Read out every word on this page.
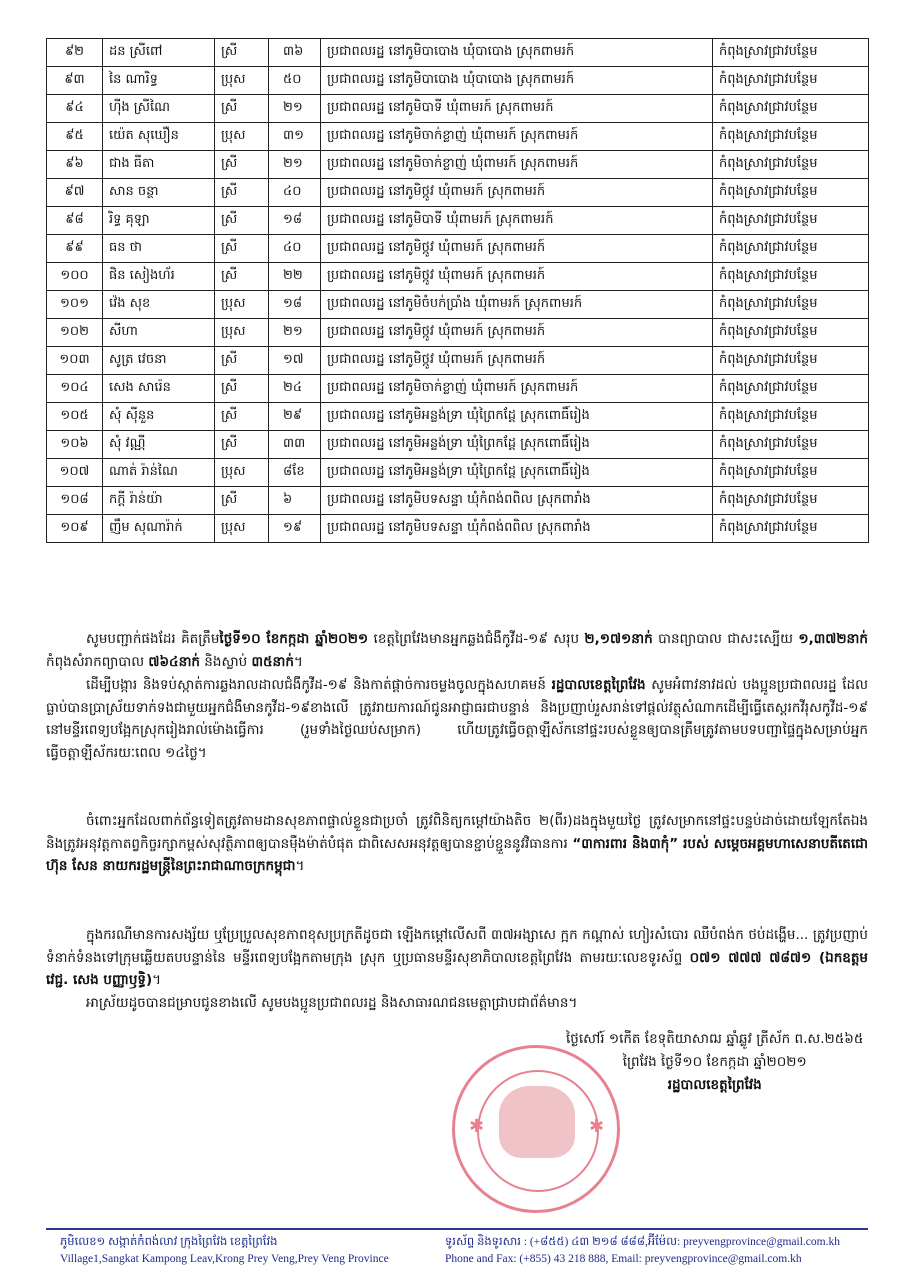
៩២	ដន ស្រីពៅ	ស្រី	៣៦	ប្រជាពលរដ្ឋ នៅភូមិបាបោង ឃុំបាបោង ស្រុកពាមរក៍	កំពុងស្រាវជ្រាវបន្ថែម
៩៣	នៃ ណារិទ្ធ	ប្រុស	៥០	ប្រជាពលរដ្ឋ នៅភូមិបាបោង ឃុំបាបោង ស្រុកពាមរក៍	កំពុងស្រាវជ្រាវបន្ថែម
៩៤	ហ៊ីង ស្រីណៃ	ស្រី	២១	ប្រជាពលរដ្ឋ នៅភូមិបាទី ឃុំពាមរក៍ ស្រុកពាមរក៍	កំពុងស្រាវជ្រាវបន្ថែម
៩៥	យ៉េត សុឃឿន	ប្រុស	៣១	ប្រជាពលរដ្ឋ នៅភូមិចាក់ខ្លាញ់ ឃុំពាមរក៍ ស្រុកពាមរក៍	កំពុងស្រាវជ្រាវបន្ថែម
៩៦	ជាង ធីតា	ស្រី	២១	ប្រជាពលរដ្ឋ នៅភូមិចាក់ខ្លាញ់ ឃុំពាមរក៍ ស្រុកពាមរក៍	កំពុងស្រាវជ្រាវបន្ថែម
៩៧	សាន ចន្ថា	ស្រី	៤០	ប្រជាពលរដ្ឋ នៅភូមិថ្កូវ ឃុំពាមរក៍ ស្រុកពាមរក៍	កំពុងស្រាវជ្រាវបន្ថែម
៩៨	រិទ្ធ គុឡា	ស្រី	១៨	ប្រជាពលរដ្ឋ នៅភូមិបាទី ឃុំពាមរក៍ ស្រុកពាមរក៍	កំពុងស្រាវជ្រាវបន្ថែម
៩៩	ធន ថា	ស្រី	៤០	ប្រជាពលរដ្ឋ នៅភូមិថ្កូវ ឃុំពាមរក៍ ស្រុកពាមរក៍	កំពុងស្រាវជ្រាវបន្ថែម
១០០	ផិន សៀងហ័រ	ស្រី	២២	ប្រជាពលរដ្ឋ នៅភូមិថ្កូវ ឃុំពាមរក៍ ស្រុកពាមរក៍	កំពុងស្រាវជ្រាវបន្ថែម
១០១	វ៉េង សុខ	ប្រុស	១៨	ប្រជាពលរដ្ឋ នៅភូមិចំបក់ប្រាំង ឃុំពាមរក៍ ស្រុកពាមរក៍	កំពុងស្រាវជ្រាវបន្ថែម
១០២	សីហា	ប្រុស	២១	ប្រជាពលរដ្ឋ នៅភូមិថ្កូវ ឃុំពាមរក៍ ស្រុកពាមរក៍	កំពុងស្រាវជ្រាវបន្ថែម
១០៣	សូត្រ វេចនា	ស្រី	១៧	ប្រជាពលរដ្ឋ នៅភូមិថ្កូវ ឃុំពាមរក៍ ស្រុកពាមរក៍	កំពុងស្រាវជ្រាវបន្ថែម
១០៤	សេង សារ៉េន	ស្រី	២៤	ប្រជាពលរដ្ឋ នៅភូមិចាក់ខ្លាញ់ ឃុំពាមរក៍ ស្រុកពាមរក៍	កំពុងស្រាវជ្រាវបន្ថែម
១០៥	សុំ ស៊ីនួន	ស្រី	២៩	ប្រជាពលរដ្ឋ នៅភូមិអន្លង់ទ្រា ឃុំព្រៃកដ្ដែ ស្រុកពោធិ៍រៀង	កំពុងស្រាវជ្រាវបន្ថែម
១០៦	សុំ វណ្ណី	ស្រី	៣៣	ប្រជាពលរដ្ឋ នៅភូមិអន្លង់ទ្រា ឃុំព្រៃកដ្ដែ ស្រុកពោធិ៍រៀង	កំពុងស្រាវជ្រាវបន្ថែម
១០៧	ណាត់ រ៉ាន់ណៃ	ប្រុស	៨ខែ	ប្រជាពលរដ្ឋ នៅភូមិអន្លង់ទ្រា ឃុំព្រៃកដ្ដែ ស្រុកពោធិ៍រៀង	កំពុងស្រាវជ្រាវបន្ថែម
១០៨	កក្តី រ៉ាន់យ៉ា	ស្រី	៦	ប្រជាពលរដ្ឋ នៅភូមិបទសន្ទា ឃុំកំពង់ពពិល ស្រុកពារាំង	កំពុងស្រាវជ្រាវបន្ថែម
១០៩	ញឹម សុណារ៉ាក់	ប្រុស	១៩	ប្រជាពលរដ្ឋ នៅភូមិបទសន្ទា ឃុំកំពង់ពពិល ស្រុកពារាំង	កំពុងស្រាវជ្រាវបន្ថែម
សូមបញ្ជាក់ផងដែរ គិតត្រឹមថ្ងៃទី១០ ខែកក្កដា ឆ្នាំ២០២១ ខេត្តព្រៃវែងមានអ្នកឆ្លងជំងឺកូវីដ-១៩ សរុប ២,១៧១នាក់ បានព្យាបាល ជាសះស្បើយ ១,៣៧២នាក់ កំពុងសំរាកព្យាបាល ៧៦៤នាក់ និងស្លាប់ ៣៥នាក់។
ដើម្បីបង្ការ និងទប់ស្កាត់ការឆ្លងរាលដាលជំងឺកូវីដ-១៩ និងកាត់ផ្តាច់ការចម្លងចូលក្នុងសហគមន៍ រដ្ឋបាលខេត្តព្រៃវែង សូមអំពាវនាវដល់ បងប្អូនប្រជាពលរដ្ឋ ដែលធ្លាប់បានប្រាស្រ័យទាក់ទងជាមួយអ្នកជំងឺមានកូវីដ-១៩ខាងលើ ត្រូវរាយការណ៍ជូនអាជ្ញាធរជាបន្ទាន់ និងប្រញាប់រួសរាន់ទៅផ្តល់វត្ថុសំណាកដើម្បីធ្វើតេស្តរកវីរុសកូវីដ-១៩ នៅមន្ទីរពេទ្យបង្អែកស្រុករៀងរាល់ម៉ោងធ្វើការ (រួមទាំងថ្ងៃឈប់សម្រាក) ហើយត្រូវធ្វើចត្តាឡីស័កនៅផ្ទះរបស់ខ្លួនឲ្យបានត្រឹមត្រូវតាមបទបញ្ជាផ្ទៃក្នុងសម្រាប់អ្នកធ្វើចត្តាឡីស័ករយៈពេល ១៤ថ្ងៃ។
ចំពោះអ្នកដែលពាក់ព័ន្ធទៀតត្រូវតាមដានសុខភាពផ្ទាល់ខ្លួនជាប្រចាំ ត្រូវពិនិត្យកម្តៅយ៉ាងតិច ២(ពីរ)ដងក្នុងមួយថ្ងៃ ត្រូវសម្រាកនៅផ្ទះបន្ទប់ដាច់ដោយឡែកតែឯង និងត្រូវអនុវត្តកាតព្វកិច្ចរក្សាកម្ពស់សុវត្ថិភាពឲ្យបានម៉ឺងម៉ាត់បំផុត ជាពិសេសអនុវត្តឲ្យបានខ្ជាប់ខ្ជួននូវវិធានការ “៣ការពារ និង៣កុំ” របស់ សម្តេចអគ្គមហាសេនាបតីតេជោ ហ៊ុន សែន នាយករដ្ឋមន្ត្រីនៃព្រះរាជាណាចក្រកម្ពុជា។
ក្នុងករណីមានការសង្ស័យ ឬប្រែប្រួលសុខភាពខុសប្រក្រតីដូចជា ឡើងកម្តៅលើសពី ៣៧អង្សាសេ ក្អក កណ្តាស់ ហៀរសំបោរ ឈឺបំពង់ក ថប់ដង្ហើម... ត្រូវប្រញាប់ទំនាក់ទំនងទៅក្រុមឆ្លើយតបបន្ទាន់នៃ មន្ទីរពេទ្យបង្អែកតាមក្រុង ស្រុក ឬប្រធានមន្ទីរសុខាភិបាលខេត្តព្រៃវែង តាមរយៈលេខទូរស័ព្ទ ០៧១ ៧៧៧ ៧៨៧១ (ឯកឧត្តម វេជ្ជ. សេង បញ្ញាឫទ្ធិ)។
អាស្រ័យដូចបានជម្រាបជូនខាងលើ សូមបងប្អូនប្រជាពលរដ្ឋ និងសាធារណជនមេត្តាជ្រាបជាព័ត៌មាន។
✱	✱
ថ្ងៃសៅរ៍ ១កើត ខែទុតិយាសាឍ ឆ្នាំឆ្លូវ ត្រីស័ក ព.ស.២៥៦៥
ព្រៃវែង ថ្ងៃទី១០ ខែកក្កដា ឆ្នាំ២០២១
រដ្ឋបាលខេត្តព្រៃវែង
ភូមិលេខ១ សង្កាត់កំពង់លាវ ក្រុងព្រៃវែង ខេត្តព្រៃវែង
Village1,Sangkat Kampong Leav,Krong Prey Veng,Prey Veng Province
ទូរស័ព្ទ និងទូរសារ : (+៨៥៥) ៤៣ ២១៨ ៨៨៨,អ៊ីម៉ែល: preyvengprovince@gmail.com.kh
Phone and Fax: (+855) 43 218 888, Email: preyvengprovince@gmail.com.kh
